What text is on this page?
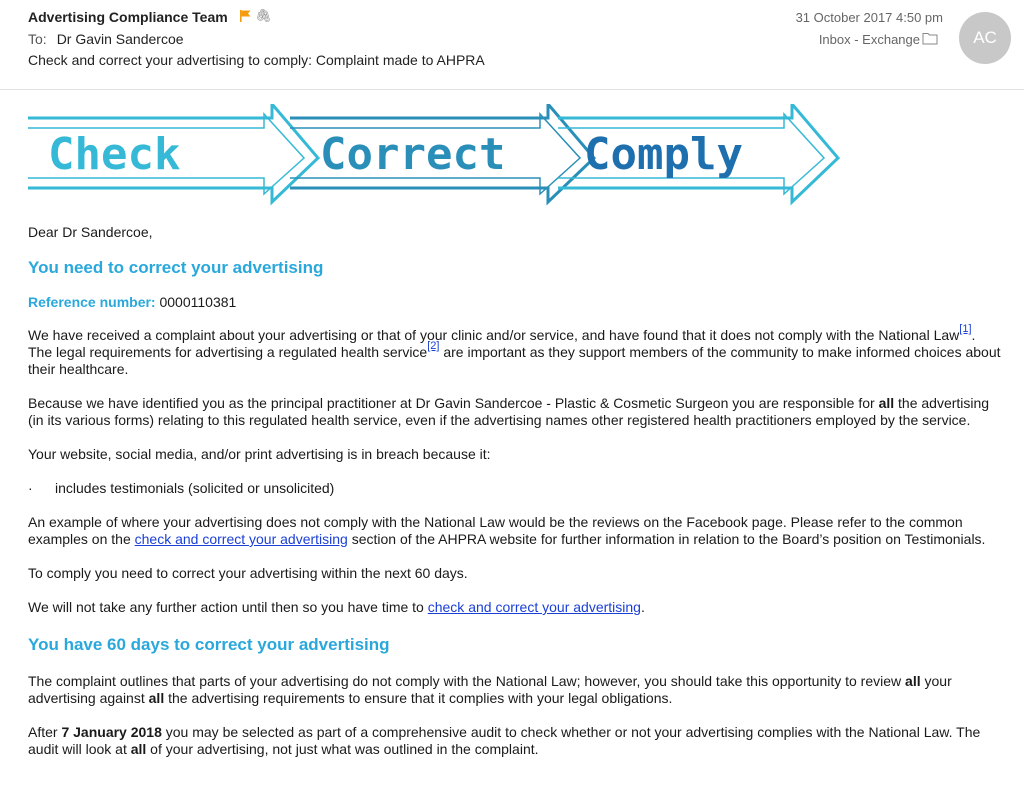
Advertising Compliance Team 🖇
To: Dr Gavin Sandercoe
Check and correct your advertising to comply: Complaint made to AHPRA
31 October 2017 4:50 pm
Inbox - Exchange	AC
Check	Correct Comply

Dear Dr Sandercoe,

You need to correct your advertising

Reference number: 0000110381

We have received a complaint about your advertising or that of your clinic and/or service, and have found that it does not comply with the National Law[1]. The legal requirements for advertising a regulated health service[2] are important as they support members of the community to make informed choices about their healthcare.

Because we have identified you as the principal practitioner at Dr Gavin Sandercoe - Plastic & Cosmetic Surgeon you are responsible for all the advertising (in its various forms) relating to this regulated health service, even if the advertising names other registered health practitioners employed by the service.

Your website, social media, and/or print advertising is in breach because it:

· includes testimonials (solicited or unsolicited)

An example of where your advertising does not comply with the National Law would be the reviews on the Facebook page. Please refer to the common examples on the check and correct your advertising section of the AHPRA website for further information in relation to the Board’s position on Testimonials.

To comply you need to correct your advertising within the next 60 days.

We will not take any further action until then so you have time to check and correct your advertising.

You have 60 days to correct your advertising

The complaint outlines that parts of your advertising do not comply with the National Law; however, you should take this opportunity to review all your advertising against all the advertising requirements to ensure that it complies with your legal obligations.

After 7 January 2018 you may be selected as part of a comprehensive audit to check whether or not your advertising complies with the National Law. The audit will look at all of your advertising, not just what was outlined in the complaint.
